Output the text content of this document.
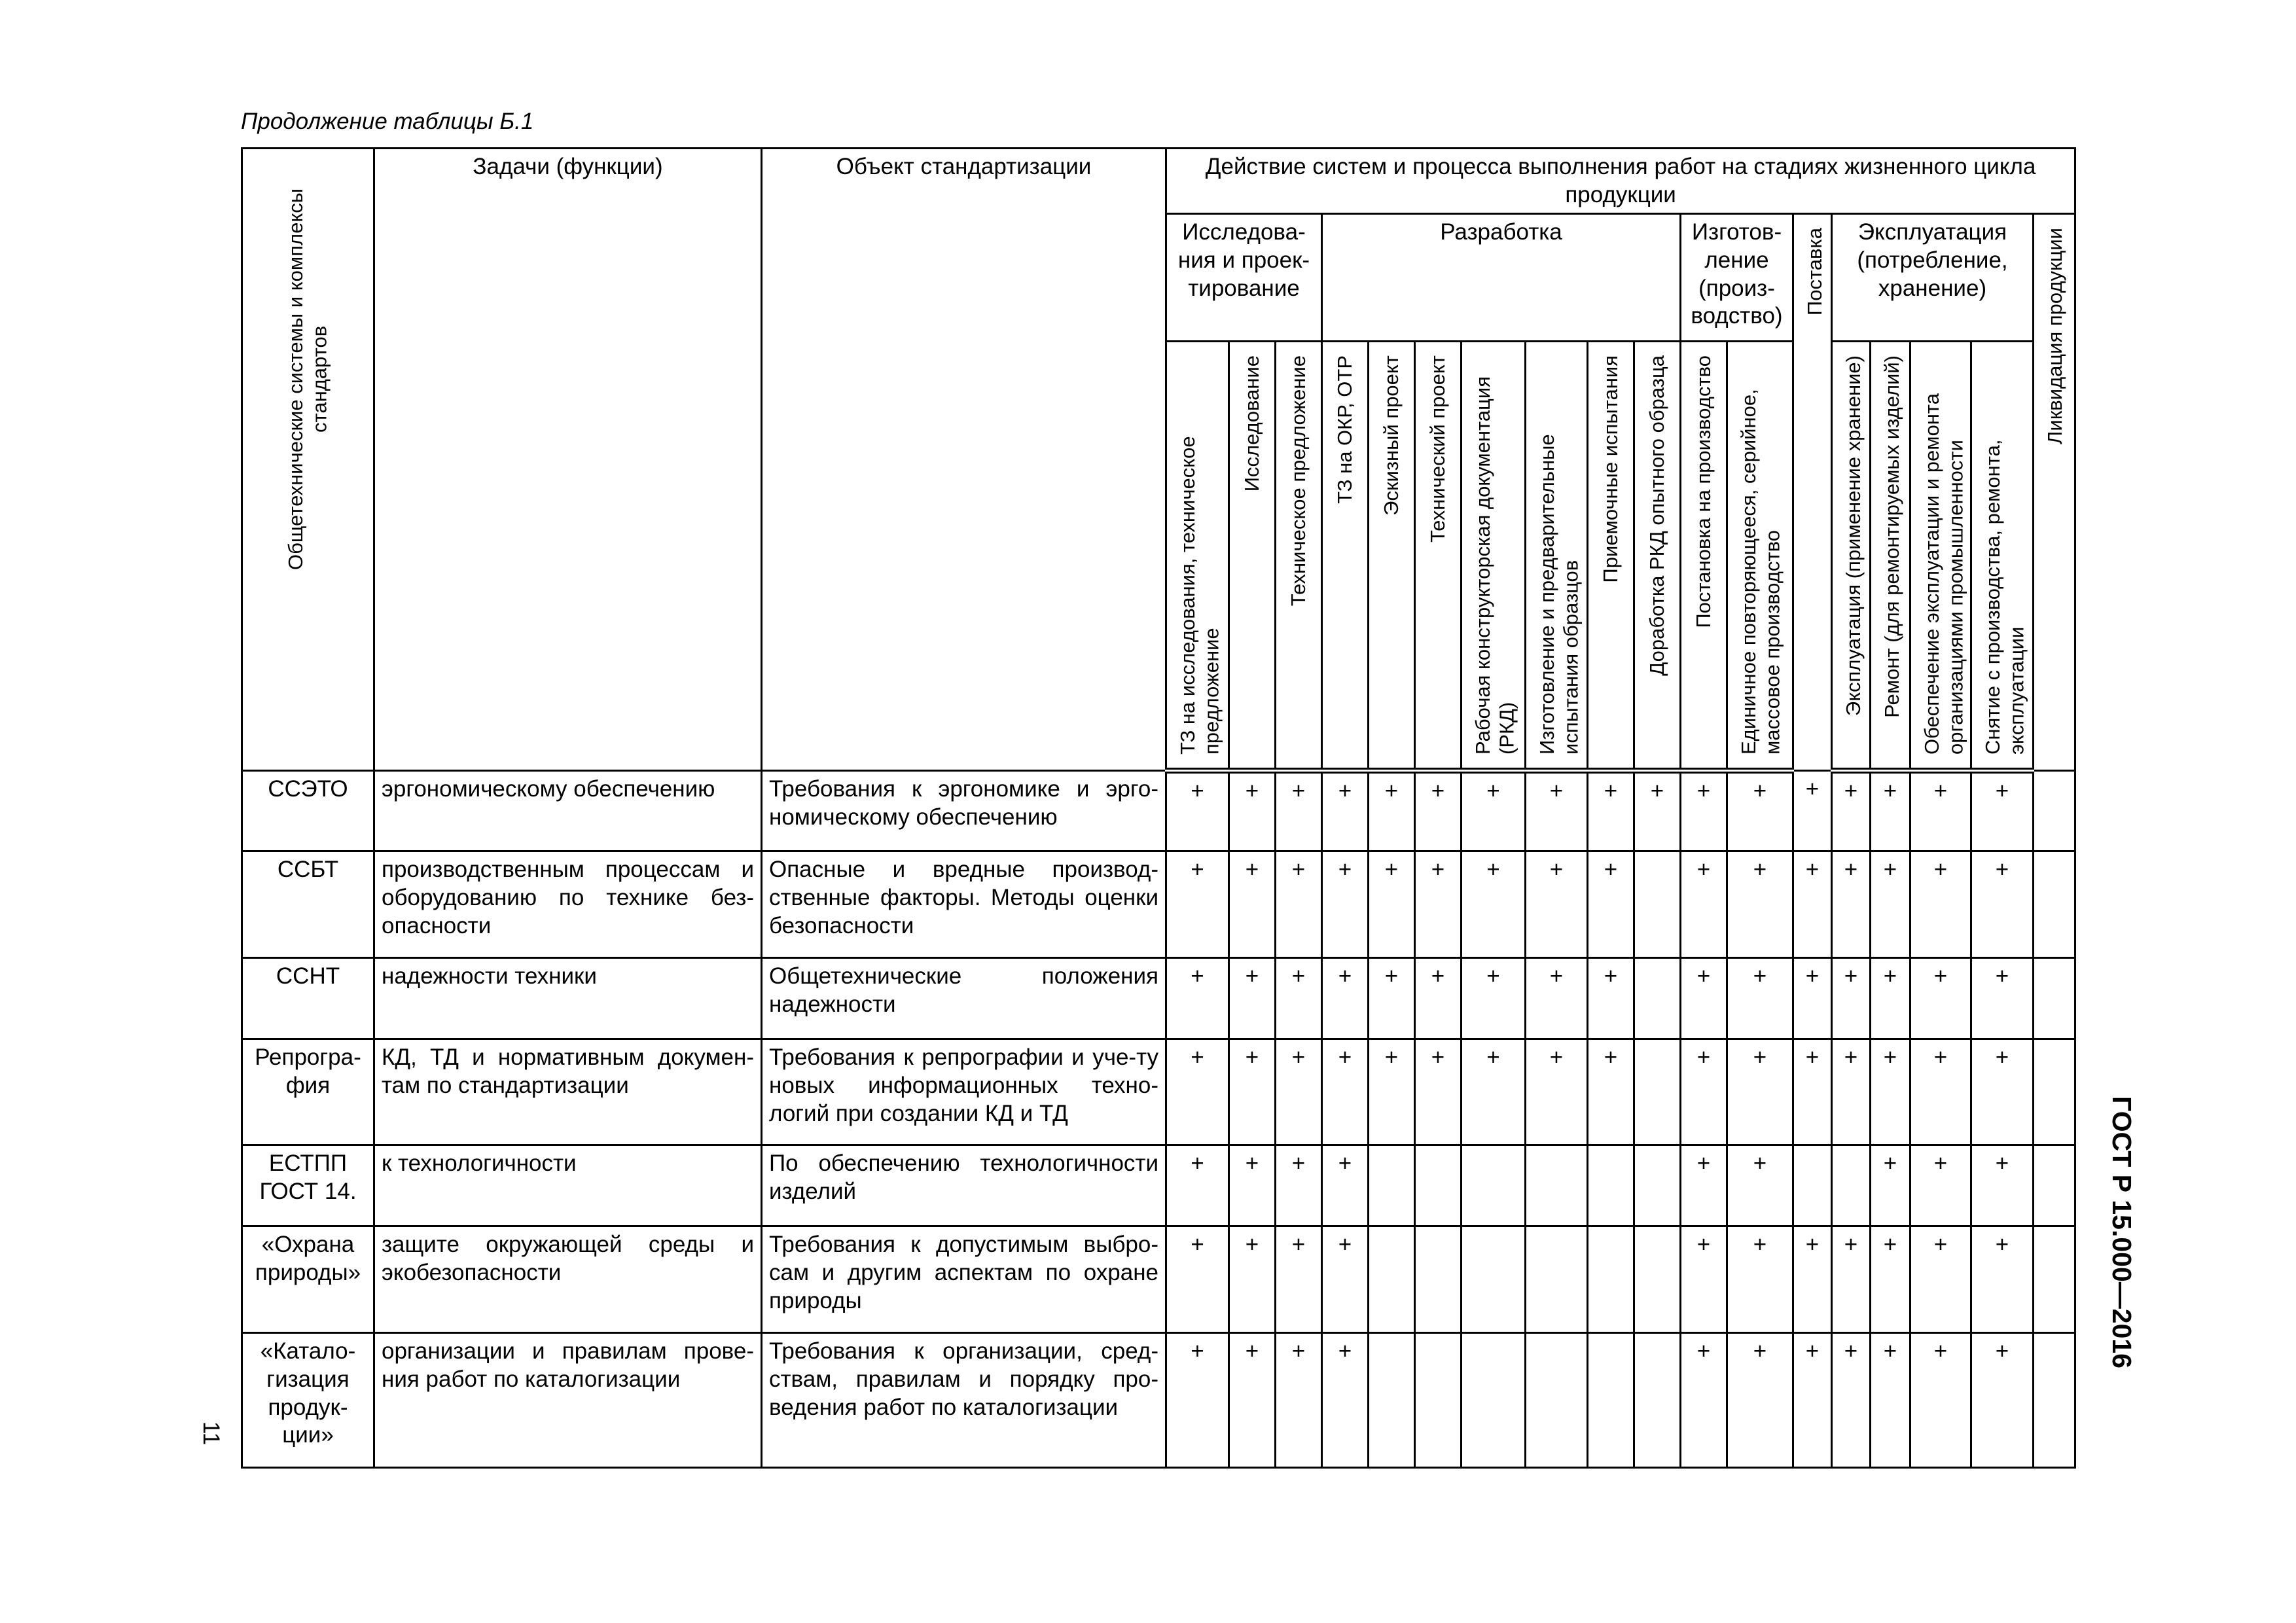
Продолжение таблицы Б.1
Общетехнические системы и комплексы стандартов	Задачи (функции)	Объект стандартизации	Действие систем и процесса выполнения работ на стадиях жизненного цикла продукции																	
			Исследова-ния и проек-тирование			Разработка							Изготов-ление (произ-водство)		Поставка	Эксплуатация (потребление, хранение)				Ликвидация продукции

			ТЗ на исследования, техническое предложение	Исследование	Техническое предложение	ТЗ на ОКР, ОТР	Эскизный проект	Технический проект	Рабочая конструкторская документация (РКД)	Изготовление и предварительные испытания образцов	Приемочные испытания	Доработка РКД опытного образца	Постановка на производство	Единичное повторяющееся, серийное, массовое производство		Эксплуатация (применение хранение)	Ремонт (для ремонтируемых изделий)	Обеспечение эксплуатации и ремонта организациями промышленности	Снятие с производства, ремонта, эксплуатации	

ССЭТО	эргономическому обеспечению	Требования к эргономике и эрго-номическому обеспечению	+	+	+	+	+	+	+	+	+	+	+	+	+	+	+	+	+	
ССБТ	производственным процессам и оборудованию по технике без-опасности	Опасные и вредные производ-ственные факторы. Методы оценки безопасности	+	+	+	+	+	+	+	+	+		+	+	+	+	+	+	+	
ССНТ	надежности техники	Общетехнические положения надежности	+	+	+	+	+	+	+	+	+		+	+	+	+	+	+	+	
Репрогра-фия	КД, ТД и нормативным докумен-там по стандартизации	Требования к репрографии и уче-ту новых информационных техно-логий при создании КД и ТД	+	+	+	+	+	+	+	+	+		+	+	+	+	+	+	+	
ЕСТПП ГОСТ 14.	к технологичности	По обеспечению технологичности изделий	+	+	+	+							+	+			+	+	+	
«Охрана природы»	защите окружающей среды и экобезопасности	Требования к допустимым выбро-сам и другим аспектам по охране природы	+	+	+	+							+	+	+	+	+	+	+	
«Катало-гизация продук-ции»	организации и правилам прове-ния работ по каталогизации	Требования к организации, сред-ствам, правилам и порядку про-ведения работ по каталогизации	+	+	+	+							+	+	+	+	+	+	+		ГОСТ Р 15.000—2016
11
